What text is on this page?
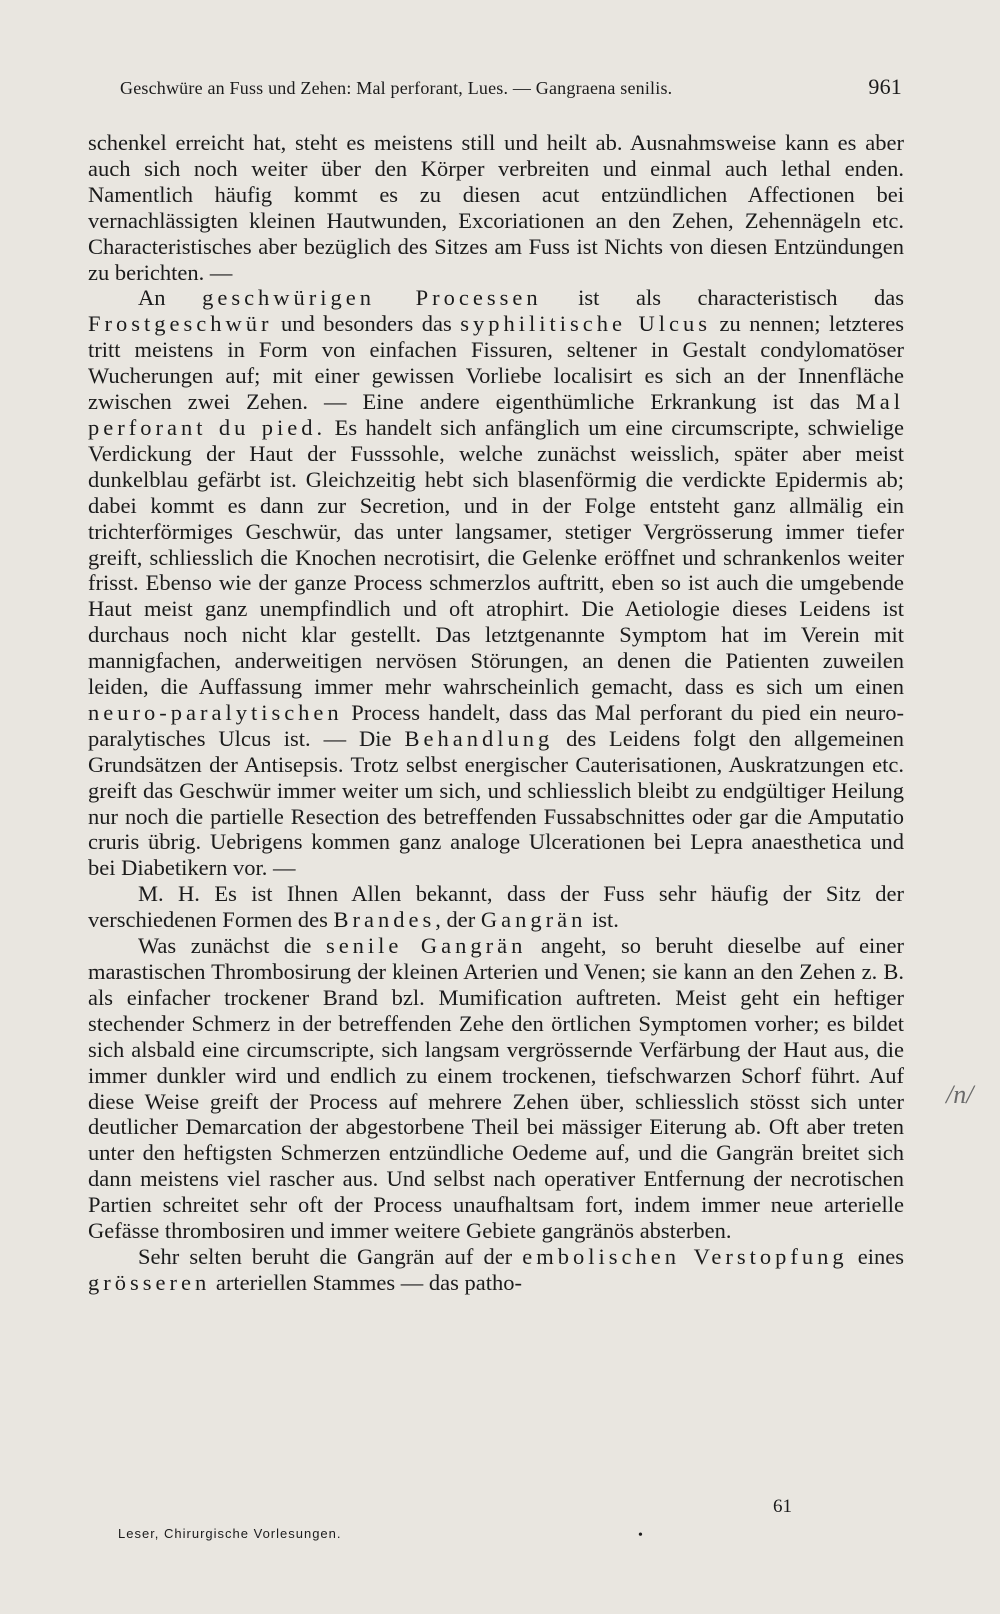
Geschwüre an Fuss und Zehen: Mal perforant, Lues. — Gangraena senilis.	961

schenkel erreicht hat, steht es meistens still und heilt ab. Ausnahmsweise kann es aber auch sich noch weiter über den Körper verbreiten und einmal auch lethal enden. Namentlich häufig kommt es zu diesen acut entzündlichen Affectionen bei vernachlässigten kleinen Hautwunden, Excoriationen an den Zehen, Zehennägeln etc. Characteristisches aber bezüglich des Sitzes am Fuss ist Nichts von diesen Entzündungen zu berichten. —

An geschwürigen Processen ist als characteristisch das Frostgeschwür und besonders das syphilitische Ulcus zu nennen; letzteres tritt meistens in Form von einfachen Fissuren, seltener in Gestalt condylomatöser Wucherungen auf; mit einer gewissen Vorliebe localisirt es sich an der Innenfläche zwischen zwei Zehen. — Eine andere eigenthümliche Erkrankung ist das Mal perforant du pied. Es handelt sich anfänglich um eine circumscripte, schwielige Verdickung der Haut der Fusssohle, welche zunächst weisslich, später aber meist dunkelblau gefärbt ist. Gleichzeitig hebt sich blasenförmig die verdickte Epidermis ab; dabei kommt es dann zur Secretion, und in der Folge entsteht ganz allmälig ein trichterförmiges Geschwür, das unter langsamer, stetiger Vergrösserung immer tiefer greift, schliesslich die Knochen necrotisirt, die Gelenke eröffnet und schrankenlos weiter frisst. Ebenso wie der ganze Process schmerzlos auftritt, eben so ist auch die umgebende Haut meist ganz unempfindlich und oft atrophirt. Die Aetiologie dieses Leidens ist durchaus noch nicht klar gestellt. Das letztgenannte Symptom hat im Verein mit mannigfachen, anderweitigen nervösen Störungen, an denen die Patienten zuweilen leiden, die Auffassung immer mehr wahrscheinlich gemacht, dass es sich um einen neuro-paralytischen Process handelt, dass das Mal perforant du pied ein neuro-paralytisches Ulcus ist. — Die Behandlung des Leidens folgt den allgemeinen Grundsätzen der Antisepsis. Trotz selbst energischer Cauterisationen, Auskratzungen etc. greift das Geschwür immer weiter um sich, und schliesslich bleibt zu endgültiger Heilung nur noch die partielle Resection des betreffenden Fussabschnittes oder gar die Amputatio cruris übrig. Uebrigens kommen ganz analoge Ulcerationen bei Lepra anaesthetica und bei Diabetikern vor. —

M. H. Es ist Ihnen Allen bekannt, dass der Fuss sehr häufig der Sitz der verschiedenen Formen des Brandes, der Gangrän ist.

Was zunächst die senile Gangrän angeht, so beruht dieselbe auf einer marastischen Thrombosirung der kleinen Arterien und Venen; sie kann an den Zehen z. B. als einfacher trockener Brand bzl. Mumification auftreten. Meist geht ein heftiger stechender Schmerz in der betreffenden Zehe den örtlichen Symptomen vorher; es bildet sich alsbald eine circumscripte, sich langsam vergrössernde Verfärbung der Haut aus, die immer dunkler wird und endlich zu einem trockenen, tiefschwarzen Schorf führt. Auf diese Weise greift der Process auf mehrere Zehen über, schliesslich stösst sich unter deutlicher Demarcation der abgestorbene Theil bei mässiger Eiterung ab. Oft aber treten unter den heftigsten Schmerzen entzündliche Oedeme auf, und die Gangrän breitet sich dann meistens viel rascher aus. Und selbst nach operativer Entfernung der necrotischen Partien schreitet sehr oft der Process unaufhaltsam fort, indem immer neue arterielle Gefässe thrombosiren und immer weitere Gebiete gangränös absterben.

Sehr selten beruht die Gangrän auf der embolischen Verstopfung eines grösseren arteriellen Stammes — das patho-

61
Leser, Chirurgische Vorlesungen.	•
/n/
